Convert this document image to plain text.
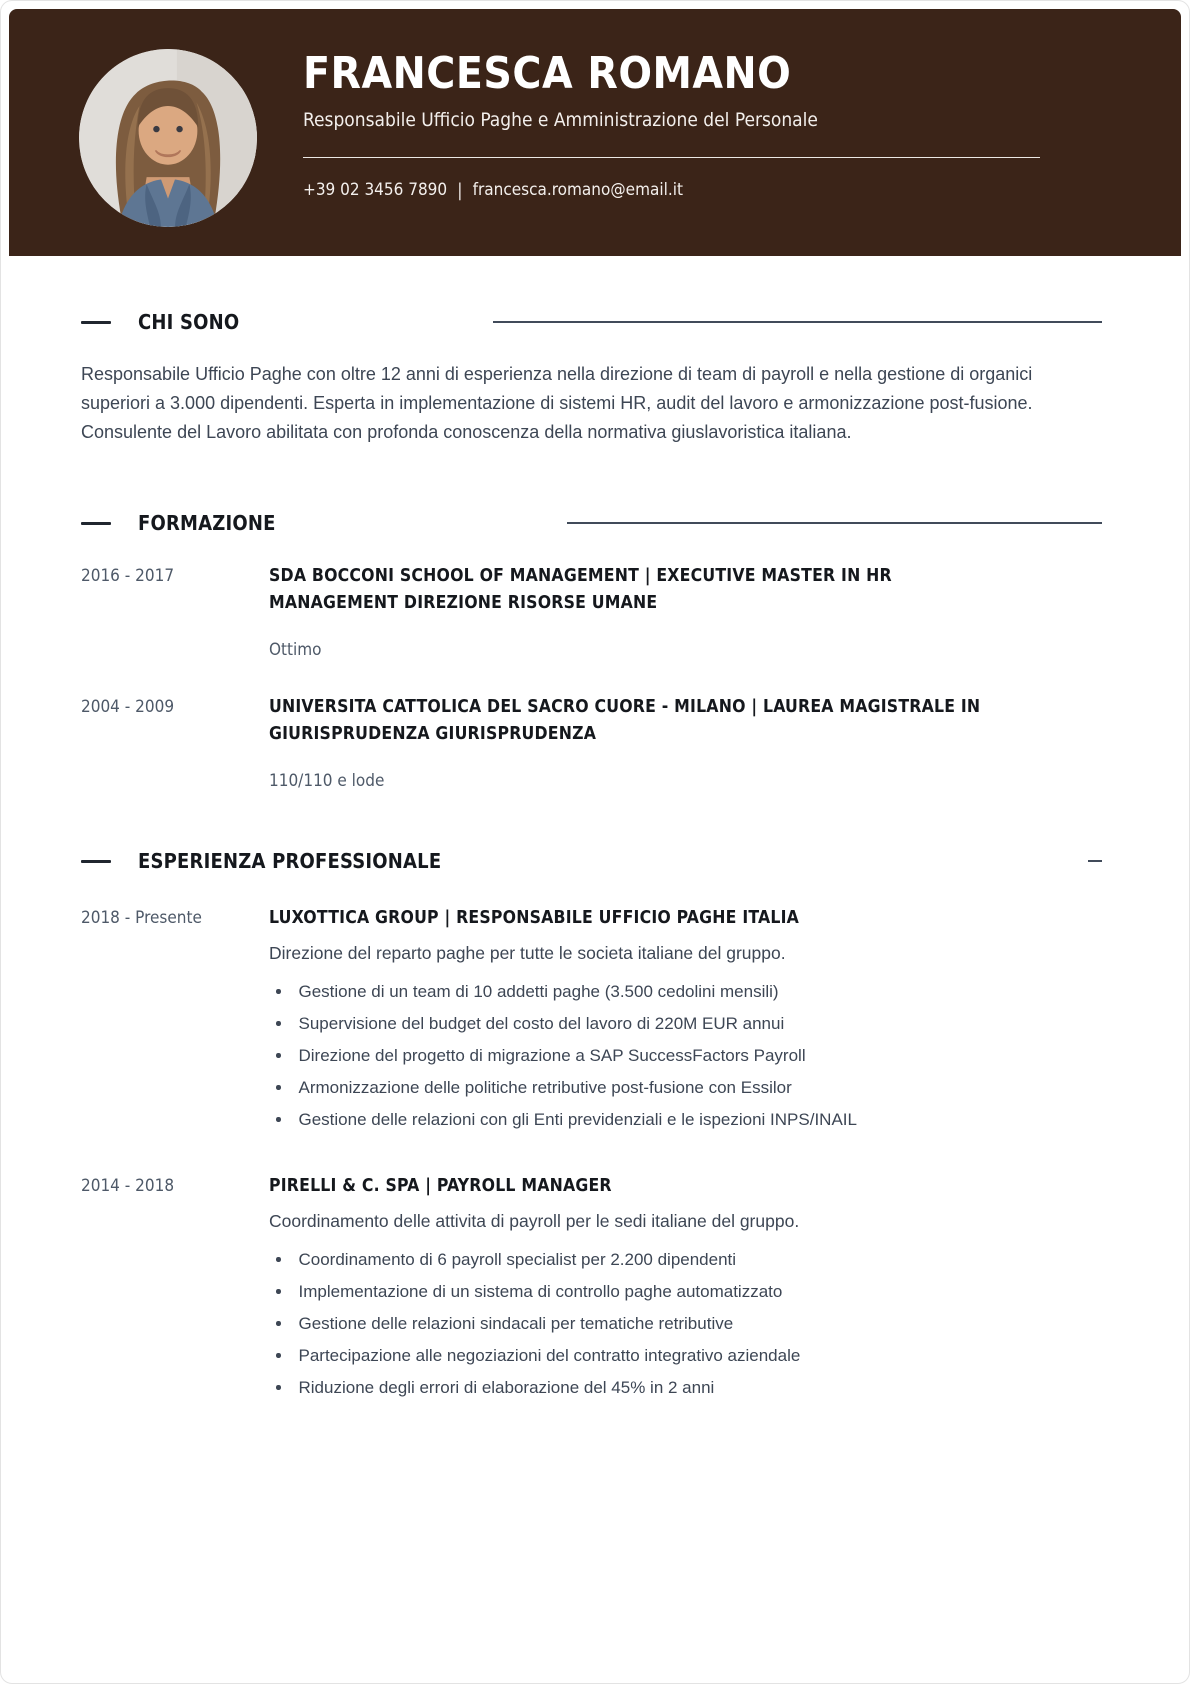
FRANCESCA ROMANO
Responsabile Ufficio Paghe e Amministrazione del Personale
+39 02 3456 7890 | francesca.romano@email.it
CHI SONO

Responsabile Ufficio Paghe con oltre 12 anni di esperienza nella direzione di team di payroll e nella gestione di organici superiori a 3.000 dipendenti. Esperta in implementazione di sistemi HR, audit del lavoro e armonizzazione post-fusione. Consulente del Lavoro abilitata con profonda conoscenza della normativa giuslavoristica italiana.

FORMAZIONE
2016 - 2017	SDA BOCCONI SCHOOL OF MANAGEMENT | EXECUTIVE MASTER IN HR MANAGEMENT DIREZIONE RISORSE UMANE
Ottimo
2004 - 2009	UNIVERSITA CATTOLICA DEL SACRO CUORE - MILANO | LAUREA MAGISTRALE IN GIURISPRUDENZA GIURISPRUDENZA
110/110 e lode
ESPERIENZA PROFESSIONALE
2018 - Presente	LUXOTTICA GROUP | RESPONSABILE UFFICIO PAGHE ITALIA
Direzione del reparto paghe per tutte le societa italiane del gruppo.
Gestione di un team di 10 addetti paghe (3.500 cedolini mensili)
Supervisione del budget del costo del lavoro di 220M EUR annui
Direzione del progetto di migrazione a SAP SuccessFactors Payroll
Armonizzazione delle politiche retributive post-fusione con Essilor
Gestione delle relazioni con gli Enti previdenziali e le ispezioni INPS/INAIL
2014 - 2018	PIRELLI & C. SPA | PAYROLL MANAGER
Coordinamento delle attivita di payroll per le sedi italiane del gruppo.
Coordinamento di 6 payroll specialist per 2.200 dipendenti
Implementazione di un sistema di controllo paghe automatizzato
Gestione delle relazioni sindacali per tematiche retributive
Partecipazione alle negoziazioni del contratto integrativo aziendale
Riduzione degli errori di elaborazione del 45% in 2 anni
